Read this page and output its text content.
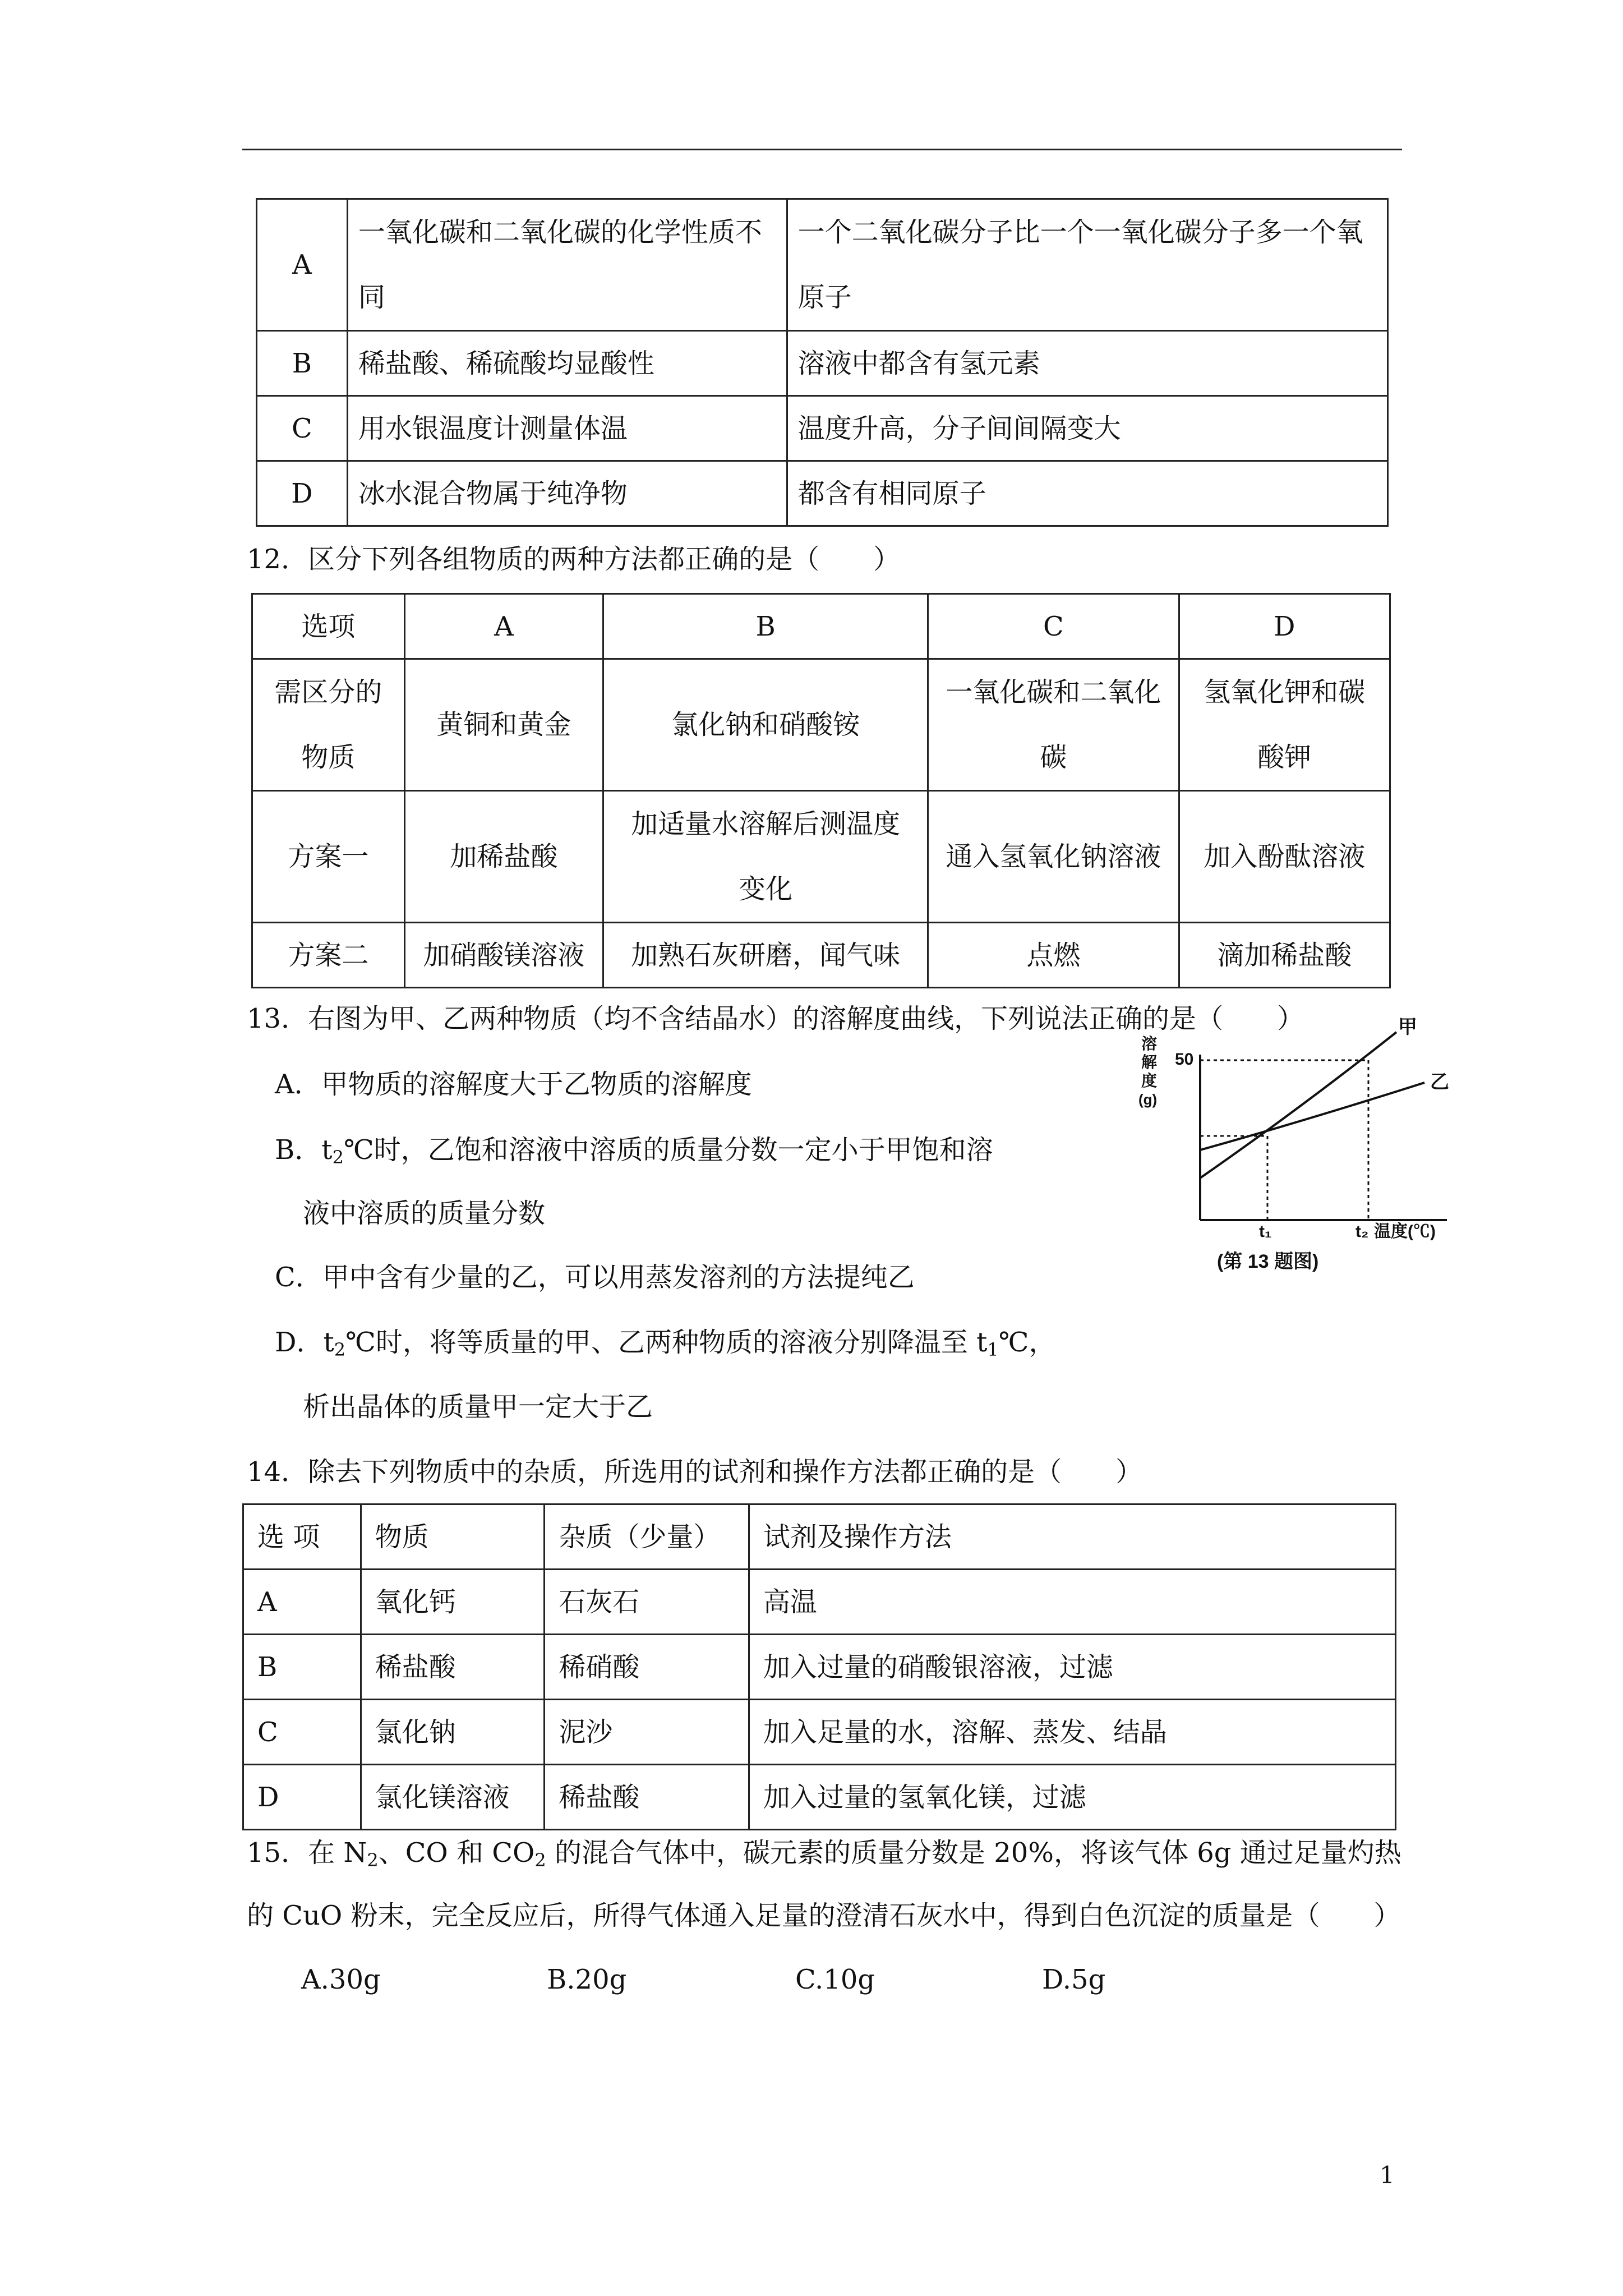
A	一氧化碳和二氧化碳的化学性质不同	一个二氧化碳分子比一个一氧化碳分子多一个氧原子
B	稀盐酸、稀硫酸均显酸性	溶液中都含有氢元素
C	用水银温度计测量体温	温度升高，分子间间隔变大
D	冰水混合物属于纯净物	都含有相同原子
12．区分下列各组物质的两种方法都正确的是（　　）
选项	A	B	C	D
需区分的物质	黄铜和黄金	氯化钠和硝酸铵	一氧化碳和二氧化碳	氢氧化钾和碳酸钾
方案一	加稀盐酸	加适量水溶解后测温度变化	通入氢氧化钠溶液	加入酚酞溶液
方案二	加硝酸镁溶液	加熟石灰研磨，闻气味	点燃	滴加稀盐酸
13．右图为甲、乙两种物质（均不含结晶水）的溶解度曲线，下列说法正确的是（　　）
A．甲物质的溶解度大于乙物质的溶解度
B．$t_2℃$时，乙饱和溶液中溶质的质量分数一定小于甲饱和溶
液中溶质的质量分数
C．甲中含有少量的乙，可以用蒸发溶剂的方法提纯乙
D．$t_2℃$时，将等质量的甲、乙两种物质的溶液分别降温至 $t_1℃$，
析出晶体的质量甲一定大于乙
溶
解
度
(g)
50
甲
乙
t₁	t₂ 温度(℃)
(第 13 题图)
14．除去下列物质中的杂质，所选用的试剂和操作方法都正确的是（　　）
选 项	物质	杂质（少量）	试剂及操作方法
A	氧化钙	石灰石	高温
B	稀盐酸	稀硝酸	加入过量的硝酸银溶液，过滤
C	氯化钠	泥沙	加入足量的水，溶解、蒸发、结晶
D	氯化镁溶液	稀盐酸	加入过量的氢氧化镁，过滤
15．在 $N_2$、CO 和 $CO_2$ 的混合气体中，碳元素的质量分数是 20%，将该气体 6g 通过足量灼热
的 CuO 粉末，完全反应后，所得气体通入足量的澄清石灰水中，得到白色沉淀的质量是（　　）
A.30g	B.20g	C.10g	D.5g
1
